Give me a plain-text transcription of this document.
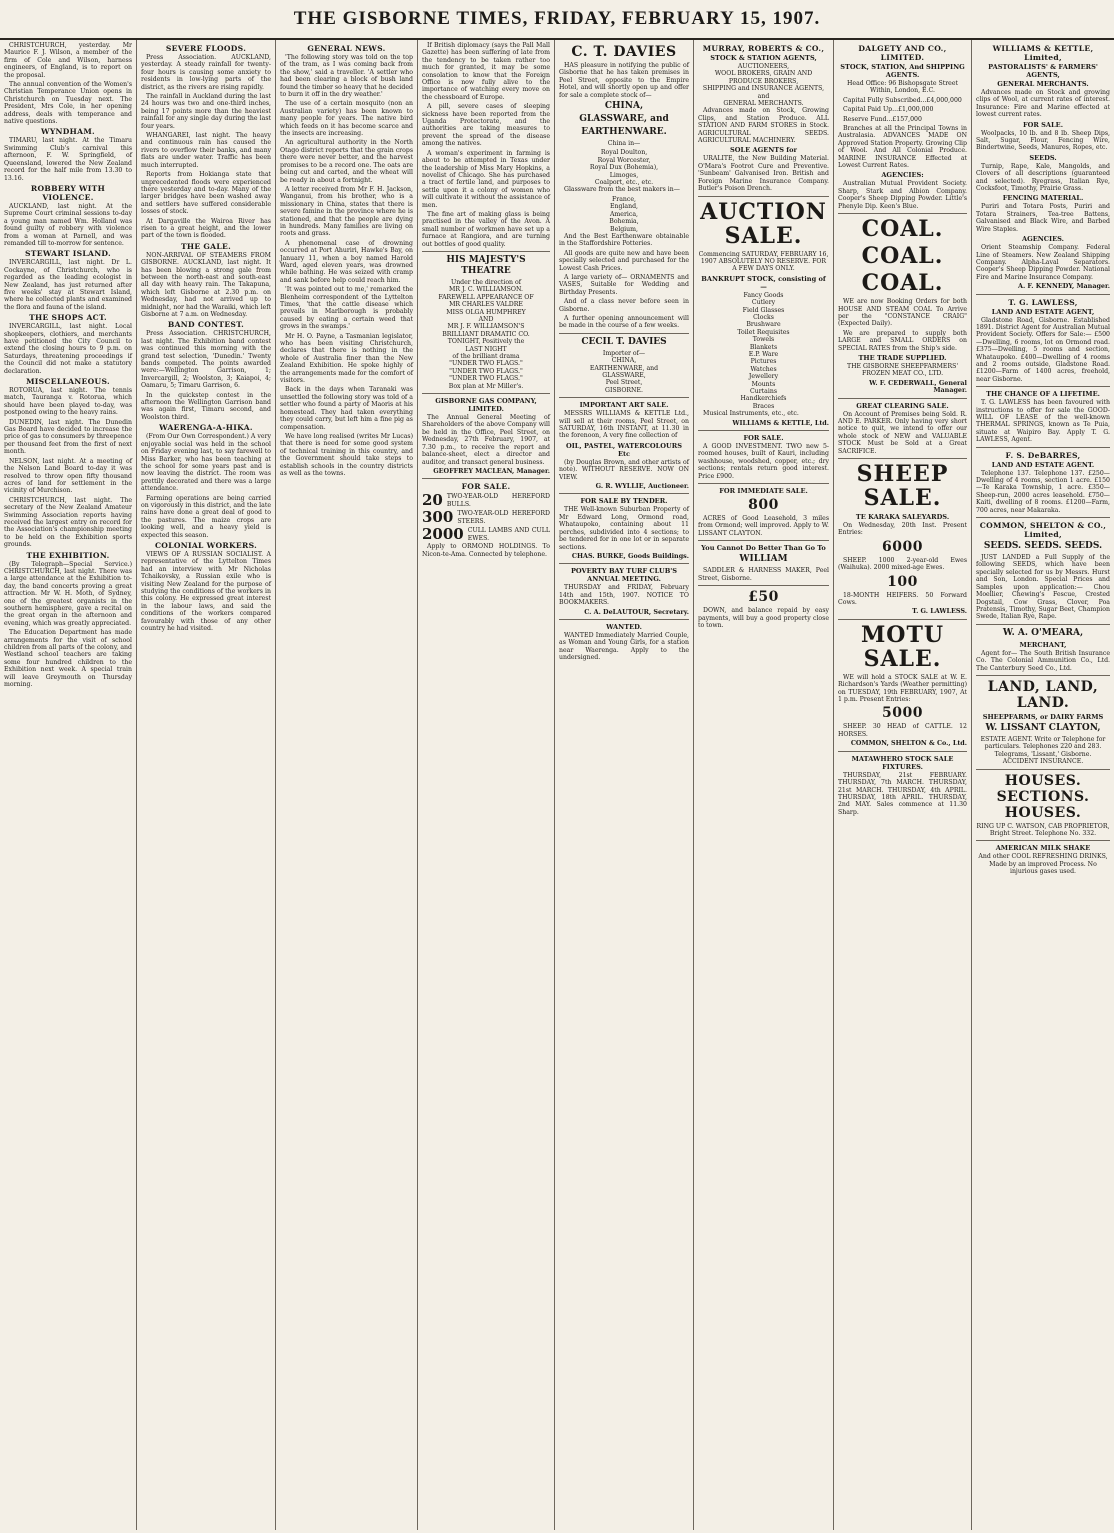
THE GISBORNE TIMES, FRIDAY, FEBRUARY 15, 1907.

CHRISTCHURCH, yesterday. Mr Maurice F. J. Wilson, a member of the firm of Cole and Wilson, harness engineers, of England, is to report on the proposal.

The annual convention of the Women's Christian Temperance Union opens in Christchurch on Tuesday next. The President, Mrs Cole, in her opening address, deals with temperance and native questions.

WYNDHAM.

TIMARU, last night. At the Timaru Swimming Club's carnival this afternoon, F. W. Springfield, of Queensland, lowered the New Zealand record for the half mile from 13.30 to 13.16.

ROBBERY WITH VIOLENCE.

AUCKLAND, last night. At the Supreme Court criminal sessions to-day a young man named Wm. Holland was found guilty of robbery with violence from a woman at Parnell, and was remanded till to-morrow for sentence.

STEWART ISLAND.

INVERCARGILL, last night. Dr L. Cockayne, of Christchurch, who is regarded as the leading ecologist in New Zealand, has just returned after five weeks' stay at Stewart Island, where he collected plants and examined the flora and fauna of the island.

THE SHOPS ACT.

INVERCARGILL, last night. Local shopkeepers, clothiers, and merchants have petitioned the City Council to extend the closing hours to 9 p.m. on Saturdays, threatening proceedings if the Council did not make a statutory declaration.

MISCELLANEOUS.

ROTORUA, last night. The tennis match, Tauranga v. Rotorua, which should have been played to-day, was postponed owing to the heavy rains.

DUNEDIN, last night. The Dunedin Gas Board have decided to increase the price of gas to consumers by threepence per thousand feet from the first of next month.

NELSON, last night. At a meeting of the Nelson Land Board to-day it was resolved to throw open fifty thousand acres of land for settlement in the vicinity of Murchison.

CHRISTCHURCH, last night. The secretary of the New Zealand Amateur Swimming Association reports having received the largest entry on record for the Association's championship meeting to be held on the Exhibition sports grounds.

THE EXHIBITION.

(By Telegraph—Special Service.) CHRISTCHURCH, last night. There was a large attendance at the Exhibition to-day, the band concerts proving a great attraction. Mr W. H. Moth, of Sydney, one of the greatest organists in the southern hemisphere, gave a recital on the great organ in the afternoon and evening, which was greatly appreciated.

The Education Department has made arrangements for the visit of school children from all parts of the colony, and Westland school teachers are taking some four hundred children to the Exhibition next week. A special train will leave Greymouth on Thursday morning.

SEVERE FLOODS.

Press Association. AUCKLAND, yesterday. A steady rainfall for twenty-four hours is causing some anxiety to residents in low-lying parts of the district, as the rivers are rising rapidly.

The rainfall in Auckland during the last 24 hours was two and one-third inches, being 17 points more than the heaviest rainfall for any single day during the last four years.

WHANGAREI, last night. The heavy and continuous rain has caused the rivers to overflow their banks, and many flats are under water. Traffic has been much interrupted.

Reports from Hokianga state that unprecedented floods were experienced there yesterday and to-day. Many of the larger bridges have been washed away and settlers have suffered considerable losses of stock.

At Dargaville the Wairoa River has risen to a great height, and the lower part of the town is flooded.

THE GALE.

NON-ARRIVAL OF STEAMERS FROM GISBORNE. AUCKLAND, last night. It has been blowing a strong gale from between the north-east and south-east all day with heavy rain. The Takapuna, which left Gisborne at 2.30 p.m. on Wednesday, had not arrived up to midnight, nor had the Waraiki, which left Gisborne at 7 a.m. on Wednesday.

BAND CONTEST.

Press Association. CHRISTCHURCH, last night. The Exhibition band contest was continued this morning with the grand test selection, 'Dunedin.' Twenty bands competed. The points awarded were:—Wellington Garrison, 1; Invercargill, 2; Woolston, 3; Kaiapoi, 4; Oamaru, 5; Timaru Garrison, 6.

In the quickstep contest in the afternoon the Wellington Garrison band was again first, Timaru second, and Woolston third.

WAERENGA-A-HIKA.

(From Our Own Correspondent.) A very enjoyable social was held in the school on Friday evening last, to say farewell to Miss Barker, who has been teaching at the school for some years past and is now leaving the district. The room was prettily decorated and there was a large attendance.

Farming operations are being carried on vigorously in this district, and the late rains have done a great deal of good to the pastures. The maize crops are looking well, and a heavy yield is expected this season.

COLONIAL WORKERS.

VIEWS OF A RUSSIAN SOCIALIST. A representative of the Lyttelton Times had an interview with Mr Nicholas Tchaikovsky, a Russian exile who is visiting New Zealand for the purpose of studying the conditions of the workers in this colony. He expressed great interest in the labour laws, and said the conditions of the workers compared favourably with those of any other country he had visited.

GENERAL NEWS.

'The following story was told on the top of the tram, as I was coming back from the show,' said a traveller. 'A settler who had been clearing a block of bush land found the timber so heavy that he decided to burn it off in the dry weather.'

The use of a certain mosquito (non an Australian variety) has been known to many people for years. The native bird which feeds on it has become scarce and the insects are increasing.

An agricultural authority in the North Otago district reports that the grain crops there were never better, and the harvest promises to be a record one. The oats are being cut and carted, and the wheat will be ready in about a fortnight.

A letter received from Mr F. H. Jackson, Wanganui, from his brother, who is a missionary in China, states that there is severe famine in the province where he is stationed, and that the people are dying in hundreds. Many families are living on roots and grass.

A phenomenal case of drowning occurred at Port Ahuriri, Hawke's Bay, on January 11, when a boy named Harold Ward, aged eleven years, was drowned while bathing. He was seized with cramp and sank before help could reach him.

'It was pointed out to me,' remarked the Blenheim correspondent of the Lyttelton Times, 'that the cattle disease which prevails in Marlborough is probably caused by eating a certain weed that grows in the swamps.'

Mr H. O. Payne, a Tasmanian legislator, who has been visiting Christchurch, declares that there is nothing in the whole of Australia finer than the New Zealand Exhibition. He spoke highly of the arrangements made for the comfort of visitors.

Back in the days when Taranaki was unsettled the following story was told of a settler who found a party of Maoris at his homestead. They had taken everything they could carry, but left him a fine pig as compensation.

We have long realised (writes Mr Lucas) that there is need for some good system of technical training in this country, and the Government should take steps to establish schools in the country districts as well as the towns.

If British diplomacy (says the Pall Mall Gazette) has been suffering of late from the tendency to be taken rather too much for granted, it may be some consolation to know that the Foreign Office is now fully alive to the importance of watching every move on the chessboard of Europe.

A pill, severe cases of sleeping sickness have been reported from the Uganda Protectorate, and the authorities are taking measures to prevent the spread of the disease among the natives.

A woman's experiment in farming is about to be attempted in Texas under the leadership of Miss Mary Hopkins, a novelist of Chicago. She has purchased a tract of fertile land, and purposes to settle upon it a colony of women who will cultivate it without the assistance of men.

The fine art of making glass is being practised in the valley of the Avon. A small number of workmen have set up a furnace at Rangiora, and are turning out bottles of good quality.

HIS MAJESTY'S THEATRE
Under the direction of
MR J. C. WILLIAMSON.
FAREWELL APPEARANCE OF
MR CHARLES VALDRE
MISS OLGA HUMPHREY
AND
MR J. F. WILLIAMSON'S
BRILLIANT DRAMATIC CO.
TONIGHT, Positively the
LAST NIGHT
of the brilliant drama
"UNDER TWO FLAGS."
"UNDER TWO FLAGS."
"UNDER TWO FLAGS."
Box plan at Mr Miller's.
GISBORNE GAS COMPANY, LIMITED.

The Annual General Meeting of Shareholders of the above Company will be held in the Office, Peel Street, on Wednesday, 27th February, 1907, at 7.30 p.m., to receive the report and balance-sheet, elect a director and auditor, and transact general business.

GEOFFREY MACLEAN, Manager.
FOR SALE.
20 TWO-YEAR-OLD HEREFORD BULLS.
300 TWO-YEAR-OLD HEREFORD STEERS.
2000 CULL LAMBS AND CULL EWES.

Apply to ORMOND HOLDINGS. To Nicon-te-Ama. Connected by telephone.

C. T. DAVIES

HAS pleasure in notifying the public of Gisborne that he has taken premises in Peel Street, opposite to the Empire Hotel, and will shortly open up and offer for sale a complete stock of—

CHINA,
GLASSWARE, and
EARTHENWARE.

China in—

Royal Doulton,
Royal Worcester,
Royal Dux (Bohemia),
Limoges,
Coalport, etc., etc.

Glassware from the best makers in—

France,
England,
America,
Bohemia,
Belgium,

And the Best Earthenware obtainable in the Staffordshire Potteries.

All goods are quite new and have been specially selected and purchased for the Lowest Cash Prices.

A large variety of— ORNAMENTS and VASES, Suitable for Wedding and Birthday Presents.

And of a class never before seen in Gisborne.

A further opening announcement will be made in the course of a few weeks.

CECIL T. DAVIES
Importer of—
CHINA,
EARTHENWARE, and
GLASSWARE,
Peel Street,
GISBORNE.
IMPORTANT ART SALE.

MESSRS WILLIAMS & KETTLE Ltd., will sell at their rooms, Peel Street, on SATURDAY, 16th INSTANT, at 11.30 in the forenoon, A very fine collection of

OIL, PASTEL, WATERCOLOURS Etc

(by Douglas Brown, and other artists of note). WITHOUT RESERVE. NOW ON VIEW.

G. R. WYLLIE, Auctioneer.
FOR SALE BY TENDER.

THE Well-known Suburban Property of Mr Edward Long, Ormond road, Whataupoko, containing about 11 perches, subdivided into 4 sections; to be tendered for in one lot or in separate sections.

CHAS. BURKE, Goods Buildings.
POVERTY BAY TURF CLUB'S ANNUAL MEETING.

THURSDAY and FRIDAY, February 14th and 15th, 1907. NOTICE TO BOOKMAKERS.

C. A. DeLAUTOUR, Secretary.
WANTED.

WANTED Immediately Married Couple, as Woman and Young Girls, for a station near Waerenga. Apply to the undersigned.

MURRAY, ROBERTS & CO.,
STOCK & STATION AGENTS,
AUCTIONEERS,
WOOL BROKERS, GRAIN AND PRODUCE BROKERS,
SHIPPING and INSURANCE AGENTS, and
GENERAL MERCHANTS.

Advances made on Stock, Growing Clips, and Station Produce. ALL STATION AND FARM STORES in Stock. AGRICULTURAL SEEDS. AGRICULTURAL MACHINERY.

SOLE AGENTS for

URALITE, the New Building Material. O'Mara's Footrot Cure and Preventive. 'Sunbeam' Galvanised Iron. British and Foreign Marine Insurance Company. Butler's Poison Drench.

AUCTION SALE.

Commencing SATURDAY, FEBRUARY 16, 1907 ABSOLUTELY NO RESERVE. FOR A FEW DAYS ONLY.

BANKRUPT STOCK, consisting of—
Fancy Goods
Cutlery
Field Glasses
Clocks
Brushware
Toilet Requisites
Towels
Blankets
E.P. Ware
Pictures
Watches
Jewellery
Mounts
Curtains
Handkerchiefs
Braces

Musical Instruments, etc., etc.

WILLIAMS & KETTLE, Ltd.
FOR SALE.

A GOOD INVESTMENT. TWO new 5-roomed houses, built of Kauri, including washhouse, woodshed, copper, etc.; dry sections; rentals return good interest. Price £900.

FOR IMMEDIATE SALE.
800

ACRES of Good Leasehold, 3 miles from Ormond; well improved. Apply to W. LISSANT CLAYTON.

You Cannot Do Better Than Go To
WILLIAM

SADDLER & HARNESS MAKER, Peel Street, Gisborne.

£50

DOWN, and balance repaid by easy payments, will buy a good property close to town.

DALGETY AND CO., LIMITED.
STOCK, STATION, And SHIPPING AGENTS.

Head Office: 96 Bishopsgate Street Within, London, E.C.

Capital Fully Subscribed...£4,000,000

Capital Paid Up...£1,000,000

Reserve Fund...£157,000

Branches at all the Principal Towns in Australasia. ADVANCES MADE ON Approved Station Property. Growing Clip of Wool. And All Colonial Produce. MARINE INSURANCE Effected at Lowest Current Rates.

AGENCIES:

Australian Mutual Provident Society. Sharp, Stark and Albion Company. Cooper's Sheep Dipping Powder. Little's Phenyle Dip. Keen's Blue.

COAL.
COAL.
COAL.

WE are now Booking Orders for both HOUSE AND STEAM COAL To Arrive per the "CONSTANCE CRAIG" (Expected Daily).

We are prepared to supply both LARGE and SMALL ORDERS on SPECIAL RATES from the Ship's side.

THE TRADE SUPPLIED.

THE GISBORNE SHEEPFARMERS' FROZEN MEAT CO., LTD.

W. F. CEDERWALL, General Manager.
GREAT CLEARING SALE.

On Account of Premises being Sold. R. AND E. PARKER. Only having very short notice to quit, we intend to offer our whole stock of NEW and VALUABLE STOCK Must be Sold at a Great SACRIFICE.

SHEEP SALE.
TE KARAKA SALEYARDS.

On Wednesday, 20th Inst. Present Entries:

6000

SHEEP. 1000 2-year-old Ewes (Waihuka). 2000 mixed-age Ewes.

100

18-MONTH HEIFERS. 50 Forward Cows.

T. G. LAWLESS.
MOTU SALE.

WE will hold a STOCK SALE at W. E. Richardson's Yards (Weather permitting) on TUESDAY, 19th FEBRUARY, 1907, At 1 p.m. Present Entries:

5000

SHEEP. 30 HEAD of CATTLE. 12 HORSES.

COMMON, SHELTON & Co., Ltd.
MATAWHERO STOCK SALE FIXTURES.

THURSDAY, 21st FEBRUARY. THURSDAY, 7th MARCH. THURSDAY, 21st MARCH. THURSDAY, 4th APRIL. THURSDAY, 18th APRIL. THURSDAY, 2nd MAY. Sales commence at 11.30 Sharp.

WILLIAMS & KETTLE, Limited,
PASTORALISTS' & FARMERS' AGENTS,
GENERAL MERCHANTS.

Advances made on Stock and growing clips of Wool, at current rates of interest. Insurance: Fire and Marine effected at lowest current rates.

FOR SALE.

Woolpacks, 10 lb. and 8 lb. Sheep Dips, Salt, Sugar, Flour, Fencing Wire, Bindertwine, Seeds, Manures, Ropes, etc.

SEEDS.

Turnip, Rape, Kale, Mangolds, and Clovers of all descriptions (guaranteed and selected). Ryegrass, Italian Rye, Cocksfoot, Timothy, Prairie Grass.

FENCING MATERIAL.

Puriri and Totara Posts, Puriri and Totara Strainers, Tea-tree Battens, Galvanised and Black Wire, and Barbed Wire Staples.

AGENCIES.

Orient Steamship Company. Federal Line of Steamers. New Zealand Shipping Company. Alpha-Laval Separators. Cooper's Sheep Dipping Powder. National Fire and Marine Insurance Company.

A. F. KENNEDY, Manager.
T. G. LAWLESS,
LAND AND ESTATE AGENT,

Gladstone Road, Gisborne. Established 1891. District Agent for Australian Mutual Provident Society. Offers for Sale:— £500—Dwelling, 6 rooms, lot on Ormond road. £375—Dwelling, 5 rooms and section, Whataupoko. £400—Dwelling of 4 rooms and 2 rooms outside, Gladstone Road. £1200—Farm of 1400 acres, freehold, near Gisborne.

THE CHANCE OF A LIFETIME.

T. G. LAWLESS has been favoured with instructions to offer for sale the GOOD-WILL OF LEASE of the well-known THERMAL SPRINGS, known as Te Puia, situate at Waipiro Bay. Apply T. G. LAWLESS, Agent.

F. S. DeBARRES,
LAND AND ESTATE AGENT.

Telephone 137. Telephone 137. £250—Dwelling of 4 rooms, section 1 acre. £150—Te Karaka Township, 1 acre. £350—Sheep-run, 2000 acres leasehold. £750—Kaiti, dwelling of 8 rooms. £1200—Farm, 700 acres, near Makaraka.

COMMON, SHELTON & CO., Limited,
SEEDS. SEEDS. SEEDS.

JUST LANDED a Full Supply of the following SEEDS, which have been specially selected for us by Messrs. Hurst and Son, London. Special Prices and Samples upon application:— Chou Moellier, Chewing's Fescue, Crested Dogstail, Cow Grass, Clover, Poa Pratensis, Timothy, Sugar Beet, Champion Swede, Italian Rye, Rape.

W. A. O'MEARA,
MERCHANT,

Agent for— The South British Insurance Co. The Colonial Ammunition Co., Ltd. The Canterbury Seed Co., Ltd.

LAND, LAND, LAND.
SHEEPFARMS, or DAIRY FARMS
W. LISSANT CLAYTON,

ESTATE AGENT. Write or Telephone for particulars. Telephones 220 and 283. Telegrams, 'Lissant,' Gisborne. ACCIDENT INSURANCE.

HOUSES. SECTIONS. HOUSES.

RING UP C. WATSON, CAB PROPRIETOR, Bright Street. Telephone No. 332.

AMERICAN MILK SHAKE

And other COOL REFRESHING DRINKS, Made by an improved Process. No injurious gases used.
